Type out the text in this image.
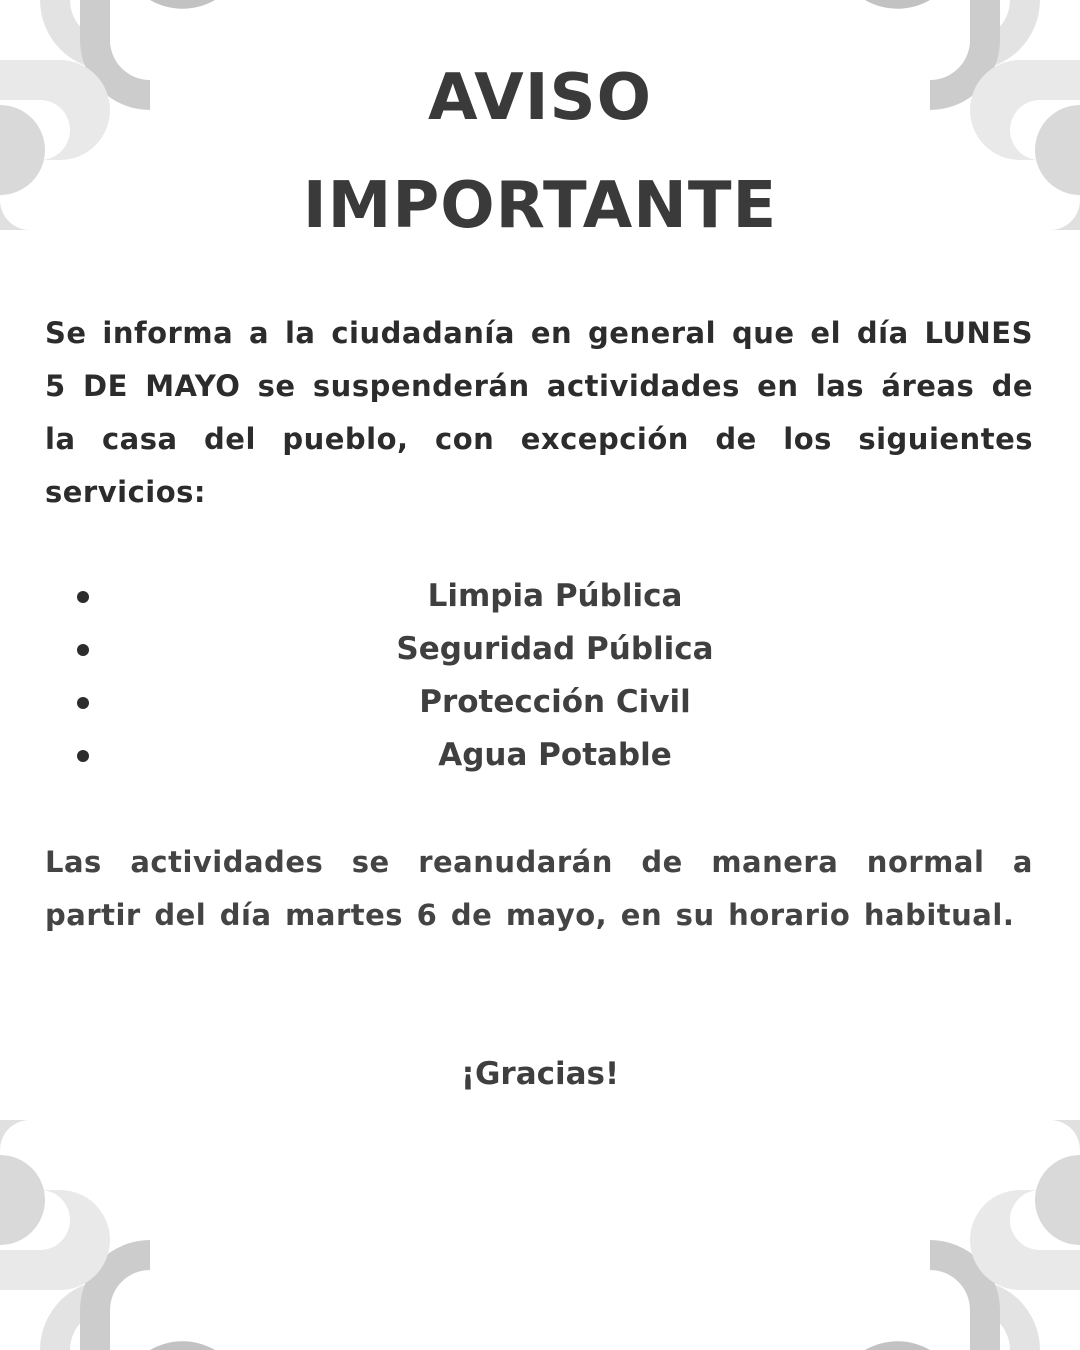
AVISO
IMPORTANTE

Se informa a la ciudadanía en general que el día LUNES 5 DE MAYO se suspenderán actividades en las áreas de la casa del pueblo, con excepción de los siguientes servicios:

Limpia Pública
Seguridad Pública
Protección Civil
Agua Potable

Las actividades se reanudarán de manera normal a partir del día martes 6 de mayo, en su horario habitual.

¡Gracias!
